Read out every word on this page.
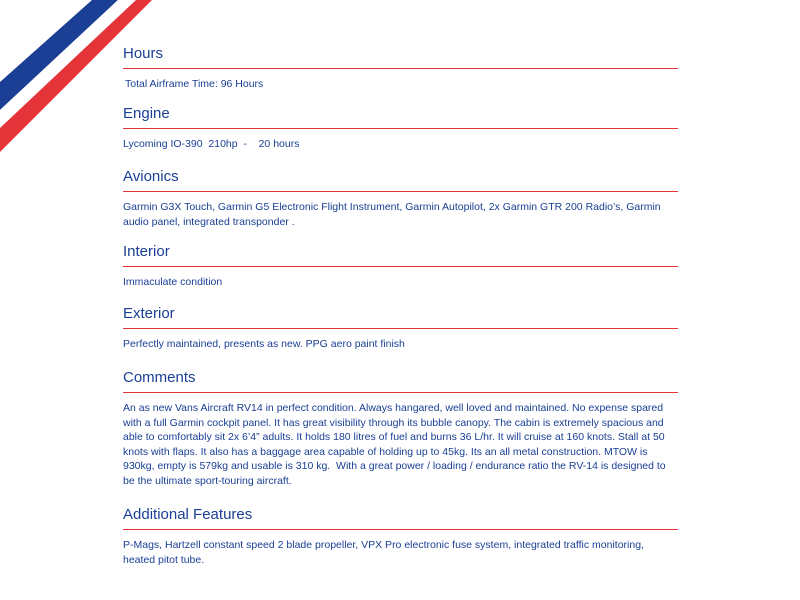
Hours
Total Airframe Time: 96 Hours
Engine
Lycoming IO-390  210hp  -    20 hours
Avionics
Garmin G3X Touch, Garmin G5 Electronic Flight Instrument, Garmin Autopilot, 2x Garmin GTR 200 Radio’s, Garmin audio panel, integrated transponder .
Interior
Immaculate condition
Exterior
Perfectly maintained, presents as new. PPG aero paint finish
Comments
An as new Vans Aircraft RV14 in perfect condition. Always hangared, well loved and maintained. No expense spared with a full Garmin cockpit panel. It has great visibility through its bubble canopy. The cabin is extremely spacious and able to comfortably sit 2x 6’4” adults. It holds 180 litres of fuel and burns 36 L/hr. It will cruise at 160 knots. Stall at 50 knots with flaps. It also has a baggage area capable of holding up to 45kg. Its an all metal construction. MTOW is 930kg, empty is 579kg and usable is 310 kg.  With a great power / loading / endurance ratio the RV-14 is designed to be the ultimate sport-touring aircraft.
Additional Features
P-Mags, Hartzell constant speed 2 blade propeller, VPX Pro electronic fuse system, integrated traffic monitoring, heated pitot tube.
